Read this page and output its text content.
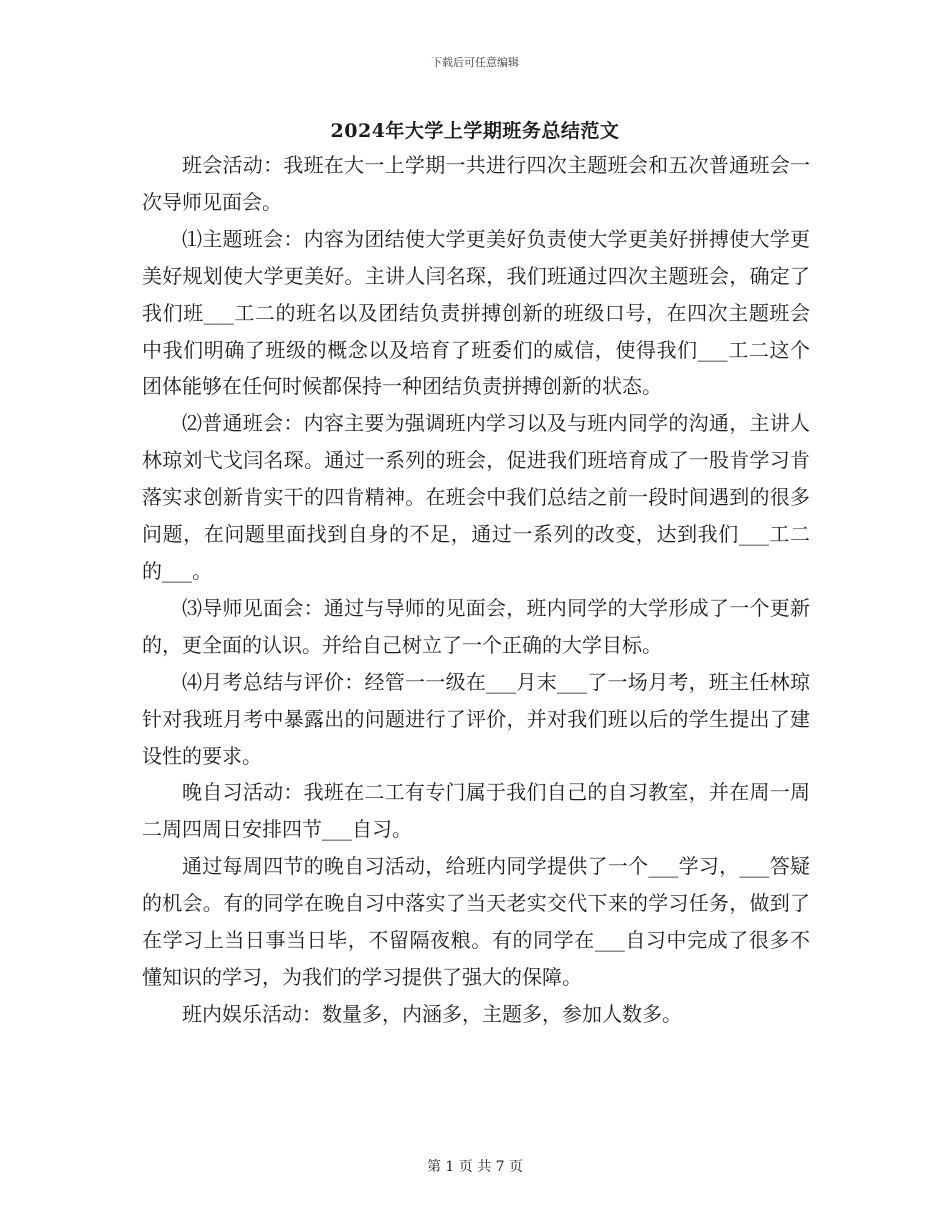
下载后可任意编辑
2024年大学上学期班务总结范文

班会活动：我班在大一上学期一共进行四次主题班会和五次普通班会一次导师见面会。

⑴主题班会：内容为团结使大学更美好负责使大学更美好拼搏使大学更美好规划使大学更美好。主讲人闫名琛，我们班通过四次主题班会，确定了我们班___工二的班名以及团结负责拼搏创新的班级口号，在四次主题班会中我们明确了班级的概念以及培育了班委们的威信，使得我们___工二这个团体能够在任何时候都保持一种团结负责拼搏创新的状态。

⑵普通班会：内容主要为强调班内学习以及与班内同学的沟通，主讲人林琼刘弋戈闫名琛。通过一系列的班会，促进我们班培育成了一股肯学习肯落实求创新肯实干的四肯精神。在班会中我们总结之前一段时间遇到的很多问题，在问题里面找到自身的不足，通过一系列的改变，达到我们___工二的___。

⑶导师见面会：通过与导师的见面会，班内同学的大学形成了一个更新的，更全面的认识。并给自己树立了一个正确的大学目标。

⑷月考总结与评价：经管一一级在___月末___了一场月考，班主任林琼针对我班月考中暴露出的问题进行了评价，并对我们班以后的学生提出了建设性的要求。

晚自习活动：我班在二工有专门属于我们自己的自习教室，并在周一周二周四周日安排四节___自习。

通过每周四节的晚自习活动，给班内同学提供了一个___学习，___答疑的机会。有的同学在晚自习中落实了当天老实交代下来的学习任务，做到了在学习上当日事当日毕，不留隔夜粮。有的同学在___自习中完成了很多不懂知识的学习，为我们的学习提供了强大的保障。

班内娱乐活动：数量多，内涵多，主题多，参加人数多。

第 1 页 共 7 页
